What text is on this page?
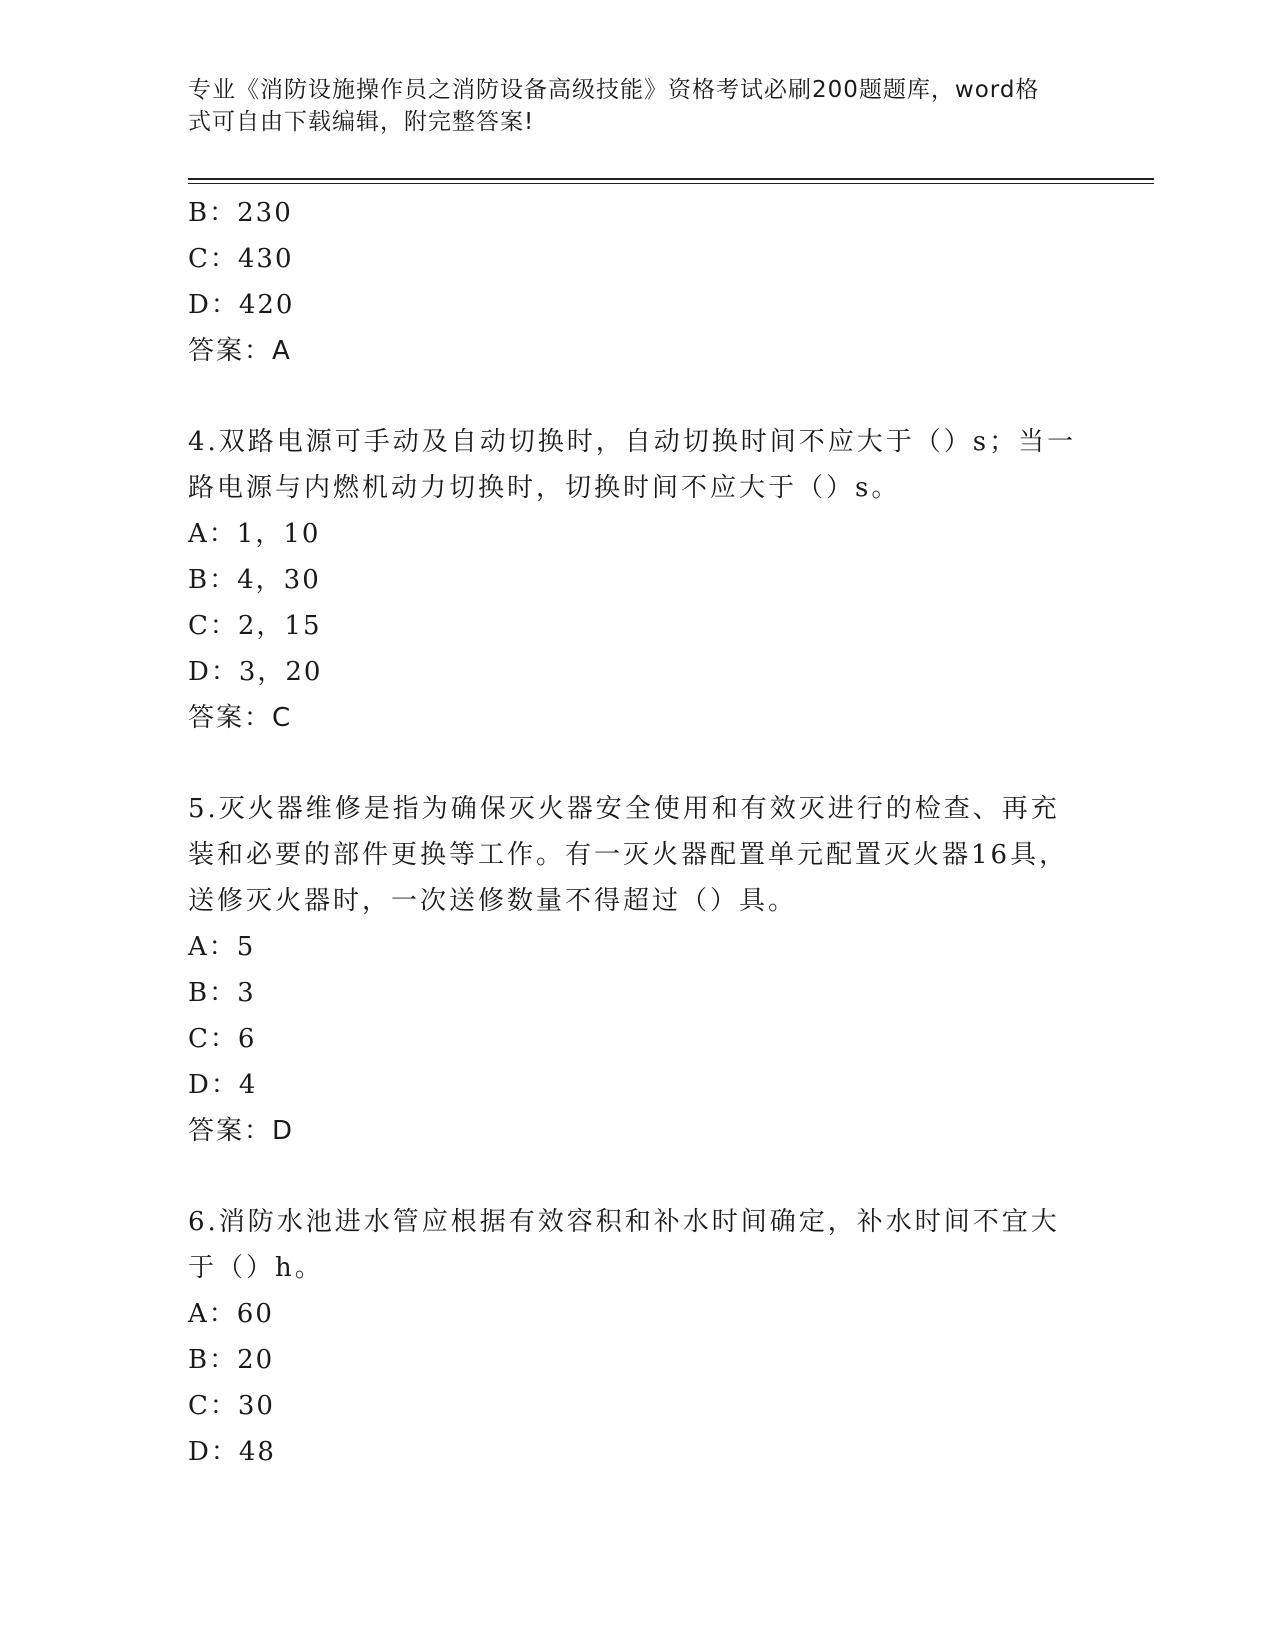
专业《消防设施操作员之消防设备高级技能》资格考试必刷200题题库，word格
式可自由下载编辑，附完整答案!
B：230
C：430
D：420
答案：A
4.双路电源可手动及自动切换时，自动切换时间不应大于（）s；当一
路电源与内燃机动力切换时，切换时间不应大于（）s。
A：1，10
B：4，30
C：2，15
D：3，20
答案：C
5.灭火器维修是指为确保灭火器安全使用和有效灭进行的检查、再充
装和必要的部件更换等工作。有一灭火器配置单元配置灭火器16具，
送修灭火器时，一次送修数量不得超过（）具。
A：5
B：3
C：6
D：4
答案：D
6.消防水池进水管应根据有效容积和补水时间确定，补水时间不宜大
于（）h。
A：60
B：20
C：30
D：48
